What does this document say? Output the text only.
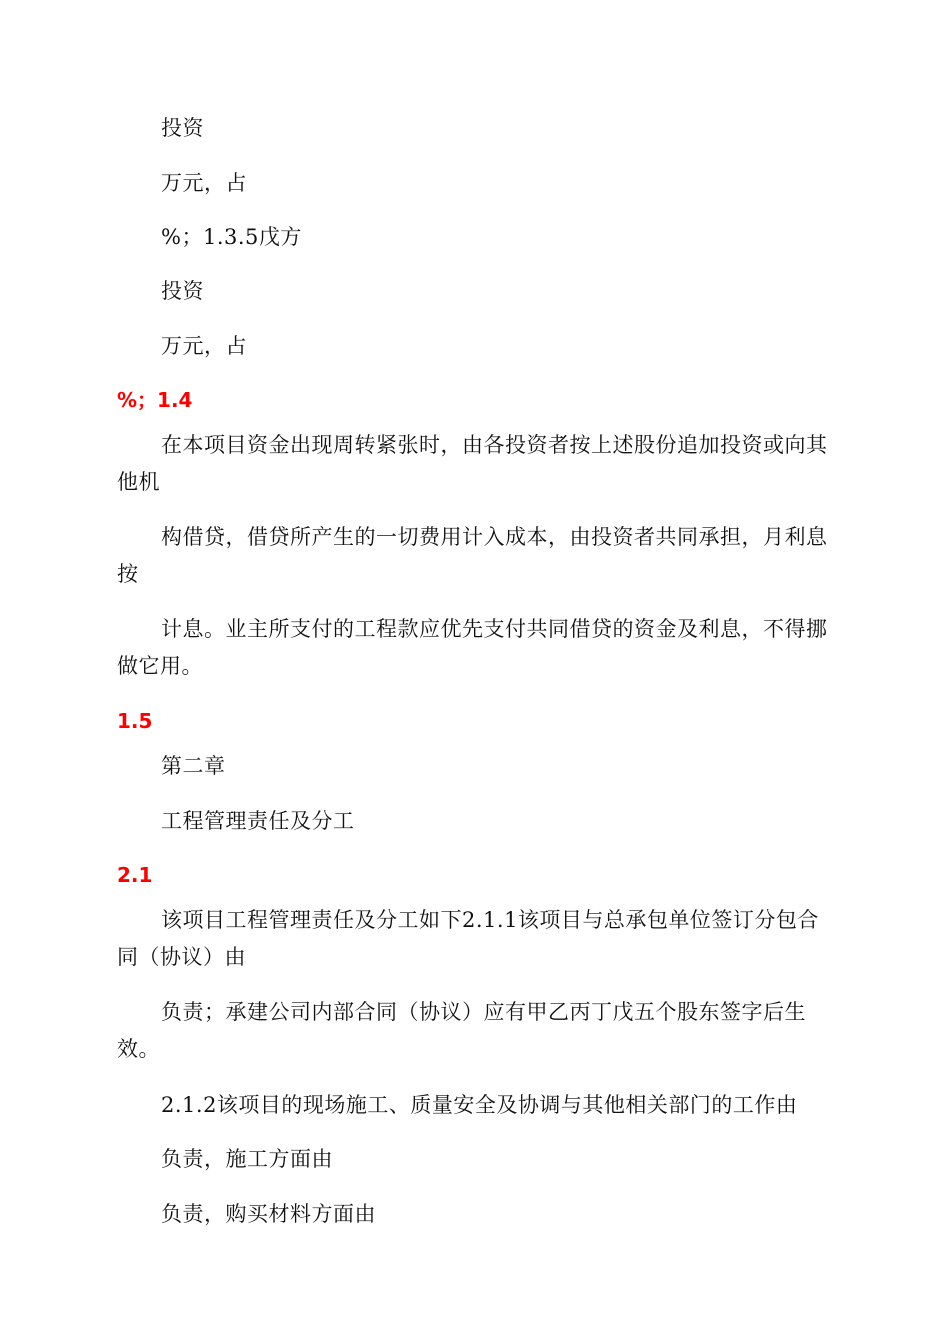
投资
万元，占
%；1.3.5戊方
投资
万元，占
%；1.4
在本项目资金出现周转紧张时，由各投资者按上述股份追加投资或向其他机
构借贷，借贷所产生的一切费用计入成本，由投资者共同承担，月利息按
计息。业主所支付的工程款应优先支付共同借贷的资金及利息，不得挪做它用。
1.5
第二章
工程管理责任及分工
2.1
该项目工程管理责任及分工如下2.1.1该项目与总承包单位签订分包合同（协议）由
负责；承建公司内部合同（协议）应有甲乙丙丁戊五个股东签字后生效。
2.1.2该项目的现场施工、质量安全及协调与其他相关部门的工作由
负责，施工方面由
负责，购买材料方面由
